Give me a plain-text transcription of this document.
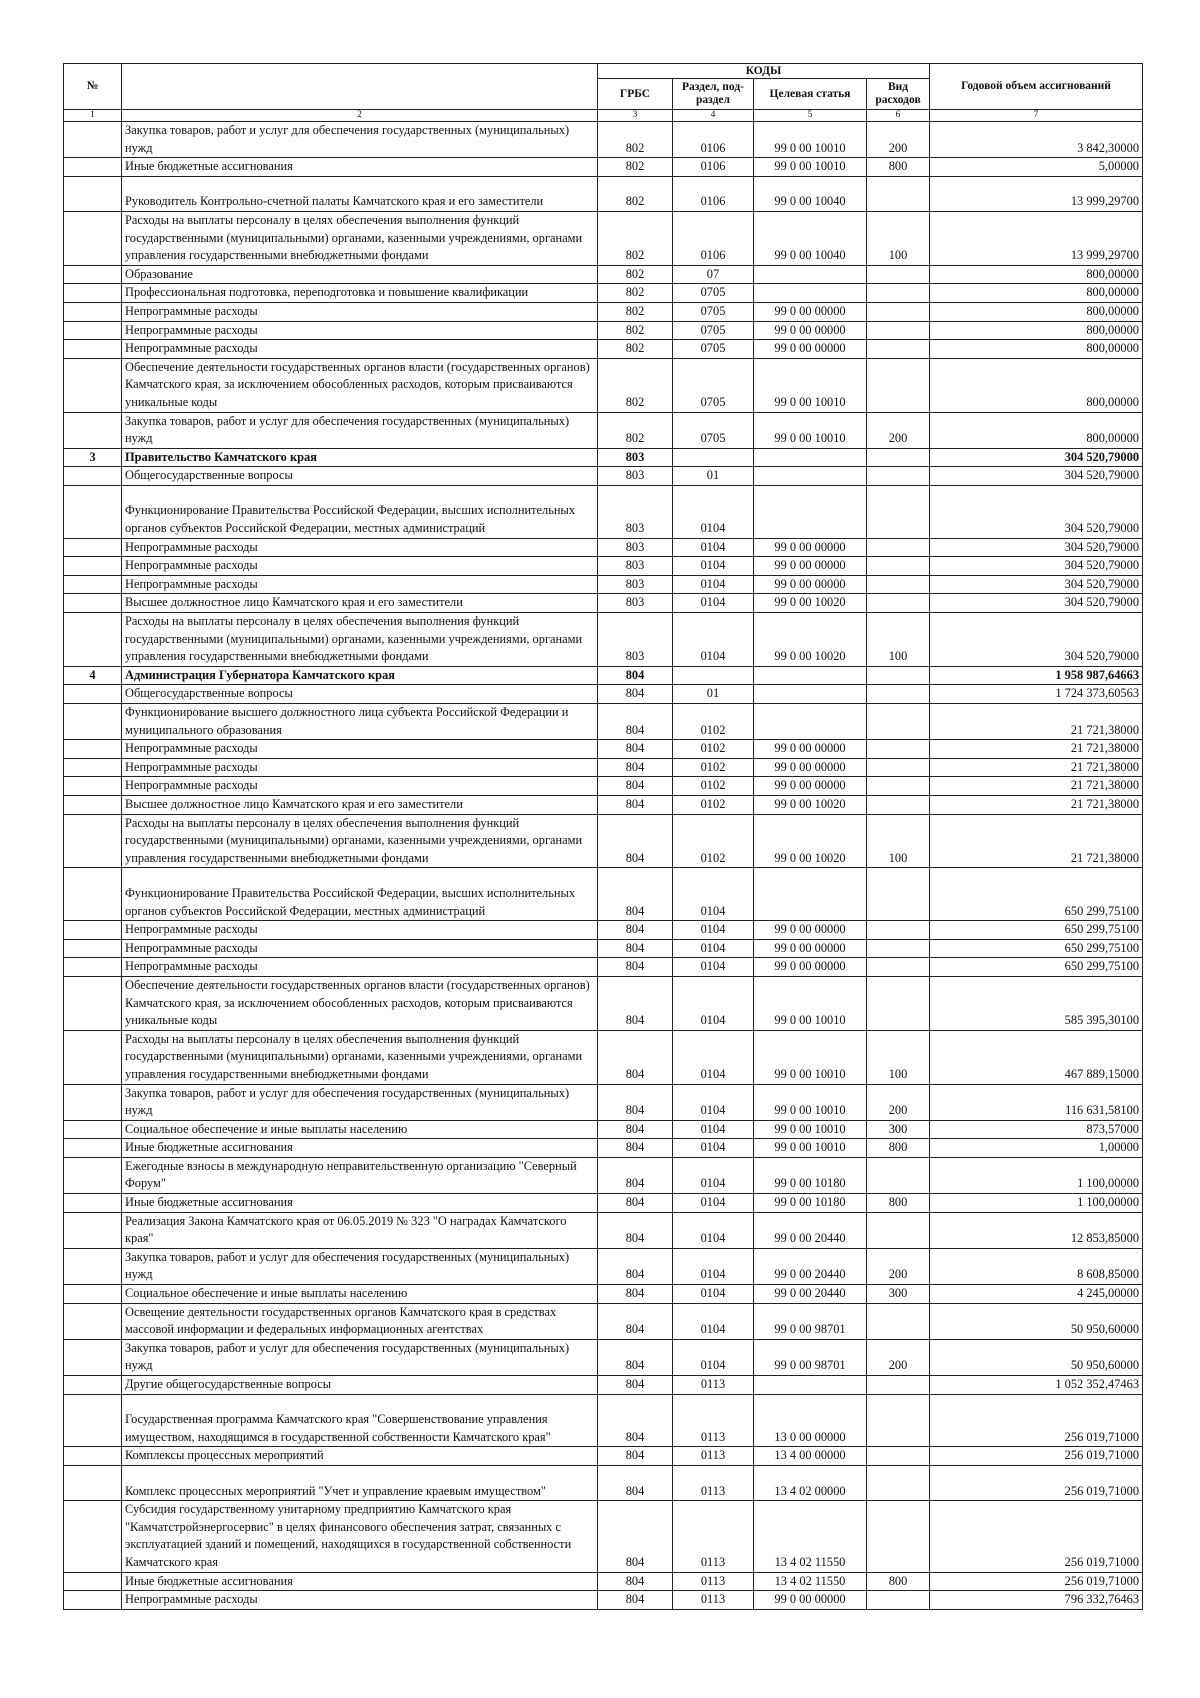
№		КОДЫ				Годовой объем ассигнований
		ГРБС	Раздел, под-раздел	Целевая статья	Вид расходов	
1	2	3	4	5	6	7
	Закупка товаров, работ и услуг для обеспечения государственных (муниципальных) нужд	802	0106	99 0 00 10010	200	3 842,30000
	Иные бюджетные ассигнования	802	0106	99 0 00 10010	800	5,00000
	Руководитель Контрольно-счетной палаты Камчатского края и его заместители	802	0106	99 0 00 10040		13 999,29700
	Расходы на выплаты персоналу в целях обеспечения выполнения функций государственными (муниципальными) органами, казенными учреждениями, органами управления государственными внебюджетными фондами	802	0106	99 0 00 10040	100	13 999,29700
	Образование	802	07			800,00000
	Профессиональная подготовка, переподготовка и повышение квалификации	802	0705			800,00000
	Непрограммные расходы	802	0705	99 0 00 00000		800,00000
	Непрограммные расходы	802	0705	99 0 00 00000		800,00000
	Непрограммные расходы	802	0705	99 0 00 00000		800,00000
	Обеспечение деятельности государственных органов власти (государственных органов) Камчатского края, за исключением обособленных расходов, которым присваиваются уникальные коды	802	0705	99 0 00 10010		800,00000
	Закупка товаров, работ и услуг для обеспечения государственных (муниципальных) нужд	802	0705	99 0 00 10010	200	800,00000
3	Правительство Камчатского края	803				304 520,79000
	Общегосударственные вопросы	803	01			304 520,79000
	Функционирование Правительства Российской Федерации, высших исполнительных органов субъектов Российской Федерации, местных администраций	803	0104			304 520,79000
	Непрограммные расходы	803	0104	99 0 00 00000		304 520,79000
	Непрограммные расходы	803	0104	99 0 00 00000		304 520,79000
	Непрограммные расходы	803	0104	99 0 00 00000		304 520,79000
	Высшее должностное лицо Камчатского края и его заместители	803	0104	99 0 00 10020		304 520,79000
	Расходы на выплаты персоналу в целях обеспечения выполнения функций государственными (муниципальными) органами, казенными учреждениями, органами управления государственными внебюджетными фондами	803	0104	99 0 00 10020	100	304 520,79000
4	Администрация Губернатора Камчатского края	804				1 958 987,64663
	Общегосударственные вопросы	804	01			1 724 373,60563
	Функционирование высшего должностного лица субъекта Российской Федерации и муниципального образования	804	0102			21 721,38000
	Непрограммные расходы	804	0102	99 0 00 00000		21 721,38000
	Непрограммные расходы	804	0102	99 0 00 00000		21 721,38000
	Непрограммные расходы	804	0102	99 0 00 00000		21 721,38000
	Высшее должностное лицо Камчатского края и его заместители	804	0102	99 0 00 10020		21 721,38000
	Расходы на выплаты персоналу в целях обеспечения выполнения функций государственными (муниципальными) органами, казенными учреждениями, органами управления государственными внебюджетными фондами	804	0102	99 0 00 10020	100	21 721,38000
	Функционирование Правительства Российской Федерации, высших исполнительных органов субъектов Российской Федерации, местных администраций	804	0104			650 299,75100
	Непрограммные расходы	804	0104	99 0 00 00000		650 299,75100
	Непрограммные расходы	804	0104	99 0 00 00000		650 299,75100
	Непрограммные расходы	804	0104	99 0 00 00000		650 299,75100
	Обеспечение деятельности государственных органов власти (государственных органов) Камчатского края, за исключением обособленных расходов, которым присваиваются уникальные коды	804	0104	99 0 00 10010		585 395,30100
	Расходы на выплаты персоналу в целях обеспечения выполнения функций государственными (муниципальными) органами, казенными учреждениями, органами управления государственными внебюджетными фондами	804	0104	99 0 00 10010	100	467 889,15000
	Закупка товаров, работ и услуг для обеспечения государственных (муниципальных) нужд	804	0104	99 0 00 10010	200	116 631,58100
	Социальное обеспечение и иные выплаты населению	804	0104	99 0 00 10010	300	873,57000
	Иные бюджетные ассигнования	804	0104	99 0 00 10010	800	1,00000
	Ежегодные взносы в международную неправительственную организацию "Северный Форум"	804	0104	99 0 00 10180		1 100,00000
	Иные бюджетные ассигнования	804	0104	99 0 00 10180	800	1 100,00000
	Реализация Закона Камчатского края от 06.05.2019 № 323 "О наградах Камчатского края"	804	0104	99 0 00 20440		12 853,85000
	Закупка товаров, работ и услуг для обеспечения государственных (муниципальных) нужд	804	0104	99 0 00 20440	200	8 608,85000
	Социальное обеспечение и иные выплаты населению	804	0104	99 0 00 20440	300	4 245,00000
	Освещение деятельности государственных органов Камчатского края в средствах массовой информации и федеральных информационных агентствах	804	0104	99 0 00 98701		50 950,60000
	Закупка товаров, работ и услуг для обеспечения государственных (муниципальных) нужд	804	0104	99 0 00 98701	200	50 950,60000
	Другие общегосударственные вопросы	804	0113			1 052 352,47463
	Государственная программа Камчатского края "Совершенствование управления имуществом, находящимся в государственной собственности Камчатского края"	804	0113	13 0 00 00000		256 019,71000
	Комплексы процессных мероприятий	804	0113	13 4 00 00000		256 019,71000
	Комплекс процессных мероприятий "Учет и управление краевым имуществом"	804	0113	13 4 02 00000		256 019,71000
	Субсидия государственному унитарному предприятию Камчатского края "Камчатстройэнергосервис" в целях финансового обеспечения затрат, связанных с эксплуатацией зданий и помещений, находящихся в государственной собственности Камчатского края	804	0113	13 4 02 11550		256 019,71000
	Иные бюджетные ассигнования	804	0113	13 4 02 11550	800	256 019,71000
	Непрограммные расходы	804	0113	99 0 00 00000		796 332,76463
